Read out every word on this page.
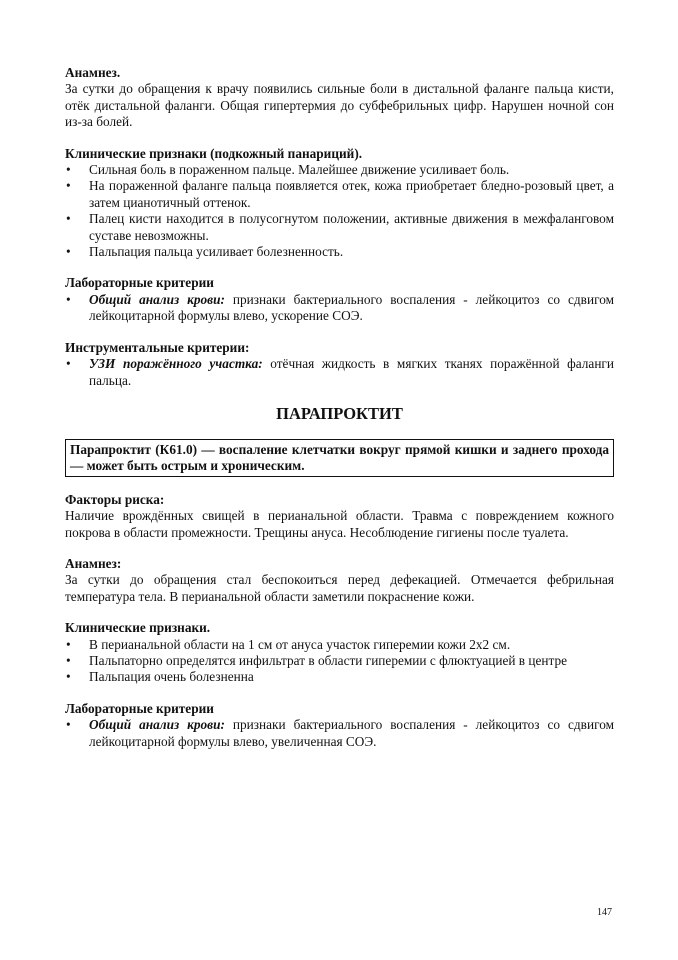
Анамнез.
За сутки до обращения к врачу появились сильные боли в дистальной фаланге пальца кисти, отёк дистальной фаланги. Общая гипертермия до субфебрильных цифр. Нарушен ночной сон из-за болей.
Клинические признаки (подкожный панариций).
• Сильная боль в пораженном пальце. Малейшее движение усиливает боль.
• На пораженной фаланге пальца появляется отек, кожа приобретает бледно-розовый цвет, а затем цианотичный оттенок.
• Палец кисти находится в полусогнутом положении, активные движения в межфаланговом суставе невозможны.
• Пальпация пальца усиливает болезненность.
Лабораторные критерии
• Общий анализ крови: признаки бактериального воспаления - лейкоцитоз со сдвигом лейкоцитарной формулы влево, ускорение СОЭ.
Инструментальные критерии:
• УЗИ поражённого участка: отёчная жидкость в мягких тканях поражённой фаланги пальца.
ПАРАПРОКТИТ
Парапроктит (К61.0) — воспаление клетчатки вокруг прямой кишки и заднего прохода — может быть острым и хроническим.
Факторы риска:
Наличие врождённых свищей в перианальной области. Травма с повреждением кожного покрова в области промежности. Трещины ануса. Несоблюдение гигиены после туалета.
Анамнез:
За сутки до обращения стал беспокоиться перед дефекацией. Отмечается фебрильная температура тела. В перианальной области заметили покраснение кожи.
Клинические признаки.
• В перианальной области на 1 см от ануса участок гиперемии кожи 2х2 см.
• Пальпаторно определятся инфильтрат в области гиперемии с флюктуацией в центре
• Пальпация очень болезненна
Лабораторные критерии
• Общий анализ крови: признаки бактериального воспаления - лейкоцитоз со сдвигом лейкоцитарной формулы влево, увеличенная СОЭ.
147
